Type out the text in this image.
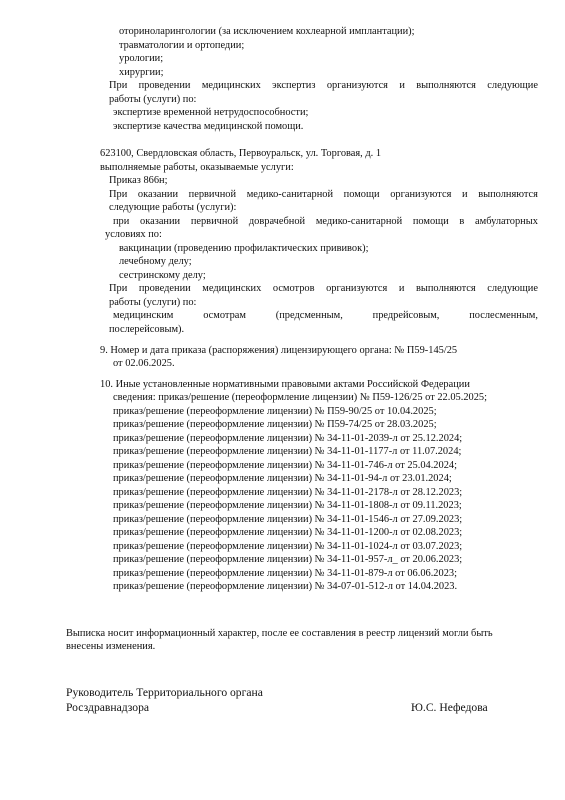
оториноларингологии (за исключением кохлеарной имплантации);
травматологии и ортопедии;
урологии;
хирургии;
При проведении медицинских экспертиз организуются и выполняются следующие
работы (услуги) по:
экспертизе временной нетрудоспособности;
экспертизе качества медицинской помощи.
623100, Свердловская область, Первоуральск, ул. Торговая, д. 1
выполняемые работы, оказываемые услуги:
Приказ 866н;
При оказании первичной медико-санитарной помощи организуются и выполняются
следующие работы (услуги):
при оказании первичной доврачебной медико-санитарной помощи в амбулаторных
условиях по:
вакцинации (проведению профилактических прививок);
лечебному делу;
сестринскому делу;
При проведении медицинских осмотров организуются и выполняются следующие
работы (услуги) по:
медицинским	осмотрам	(предсменным,	предрейсовым,	послесменным,
послерейсовым).
9. Номер и дата приказа (распоряжения) лицензирующего органа: № П59-145/25
от 02.06.2025.
10. Иные установленные нормативными правовыми актами Российской Федерации
сведения: приказ/решение (переоформление лицензии) № П59-126/25 от 22.05.2025;
приказ/решение (переоформление лицензии) № П59-90/25 от 10.04.2025;
приказ/решение (переоформление лицензии) № П59-74/25 от 28.03.2025;
приказ/решение (переоформление лицензии) № 34-11-01-2039-л от 25.12.2024;
приказ/решение (переоформление лицензии) № 34-11-01-1177-л от 11.07.2024;
приказ/решение (переоформление лицензии) № 34-11-01-746-л от 25.04.2024;
приказ/решение (переоформление лицензии) № 34-11-01-94-л от 23.01.2024;
приказ/решение (переоформление лицензии) № 34-11-01-2178-л от 28.12.2023;
приказ/решение (переоформление лицензии) № 34-11-01-1808-л от 09.11.2023;
приказ/решение (переоформление лицензии) № 34-11-01-1546-л от 27.09.2023;
приказ/решение (переоформление лицензии) № 34-11-01-1200-л от 02.08.2023;
приказ/решение (переоформление лицензии) № 34-11-01-1024-л от 03.07.2023;
приказ/решение (переоформление лицензии) № 34-11-01-957-л_ от 20.06.2023;
приказ/решение (переоформление лицензии) № 34-11-01-879-л от 06.06.2023;
приказ/решение (переоформление лицензии) № 34-07-01-512-л от 14.04.2023.
Выписка носит информационный характер, после ее составления в реестр лицензий могли быть
внесены изменения.
Руководитель Территориального органа
Росздравнадзора	Ю.С. Нефедова
